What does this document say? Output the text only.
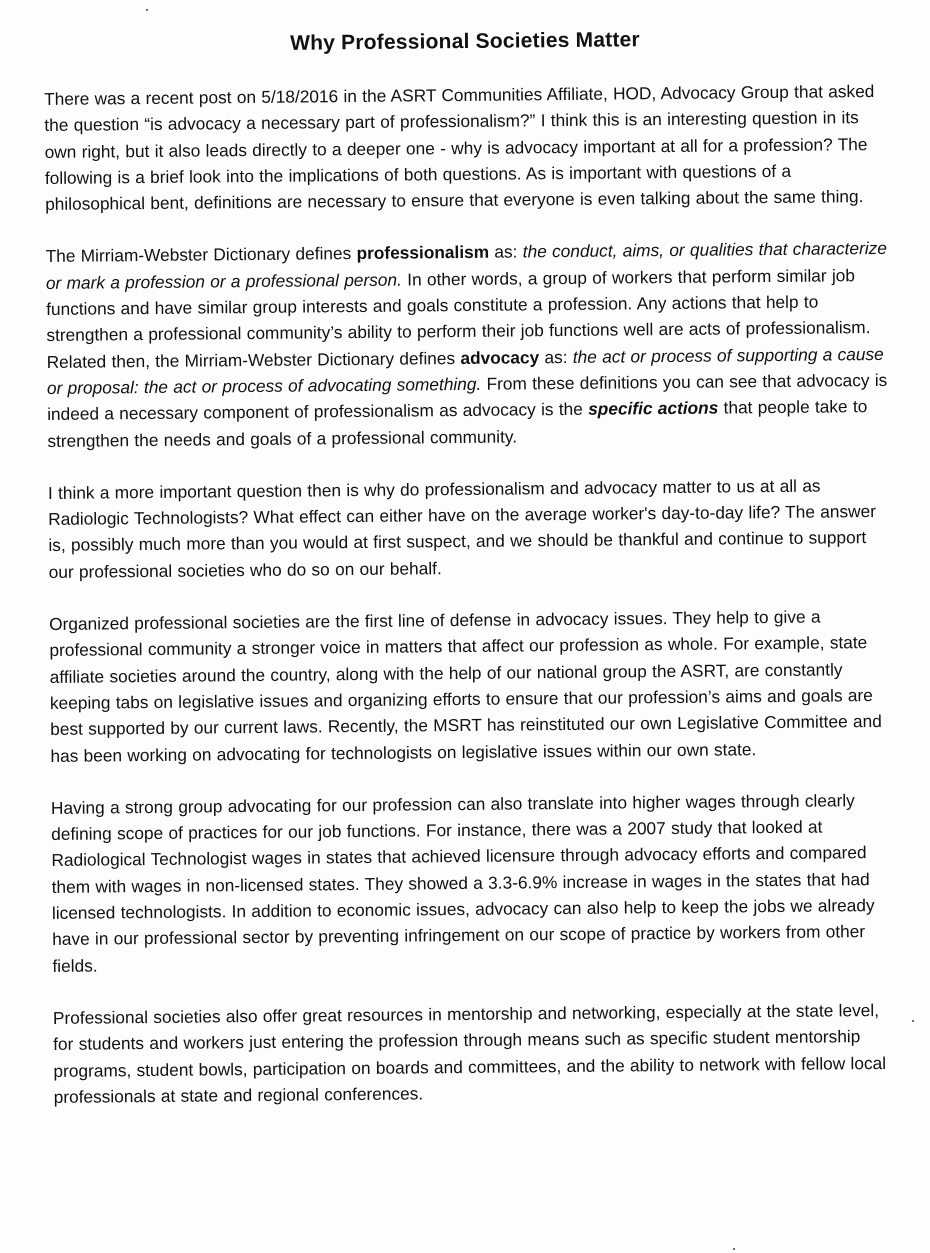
Why Professional Societies Matter

There was a recent post on 5/18/2016 in the ASRT Communities Affiliate, HOD, Advocacy Group that asked the question “is advocacy a necessary part of professionalism?” I think this is an interesting question in its own right, but it also leads directly to a deeper one - why is advocacy important at all for a profession? The following is a brief look into the implications of both questions. As is important with questions of a philosophical bent, definitions are necessary to ensure that everyone is even talking about the same thing.

The Mirriam-Webster Dictionary defines professionalism as: the conduct, aims, or qualities that characterize or mark a profession or a professional person. In other words, a group of workers that perform similar job functions and have similar group interests and goals constitute a profession. Any actions that help to strengthen a professional community’s ability to perform their job functions well are acts of professionalism. Related then, the Mirriam-Webster Dictionary defines advocacy as: the act or process of supporting a cause or proposal: the act or process of advocating something. From these definitions you can see that advocacy is indeed a necessary component of professionalism as advocacy is the specific actions that people take to strengthen the needs and goals of a professional community.

I think a more important question then is why do professionalism and advocacy matter to us at all as Radiologic Technologists? What effect can either have on the average worker's day-to-day life? The answer is, possibly much more than you would at first suspect, and we should be thankful and continue to support our professional societies who do so on our behalf.

Organized professional societies are the first line of defense in advocacy issues. They help to give a professional community a stronger voice in matters that affect our profession as whole. For example, state affiliate societies around the country, along with the help of our national group the ASRT, are constantly keeping tabs on legislative issues and organizing efforts to ensure that our profession’s aims and goals are best supported by our current laws. Recently, the MSRT has reinstituted our own Legislative Committee and has been working on advocating for technologists on legislative issues within our own state.

Having a strong group advocating for our profession can also translate into higher wages through clearly defining scope of practices for our job functions. For instance, there was a 2007 study that looked at Radiological Technologist wages in states that achieved licensure through advocacy efforts and compared them with wages in non-licensed states. They showed a 3.3-6.9% increase in wages in the states that had licensed technologists. In addition to economic issues, advocacy can also help to keep the jobs we already have in our professional sector by preventing infringement on our scope of practice by workers from other fields.

Professional societies also offer great resources in mentorship and networking, especially at the state level, for students and workers just entering the profession through means such as specific student mentorship programs, student bowls, participation on boards and committees, and the ability to network with fellow local professionals at state and regional conferences.
